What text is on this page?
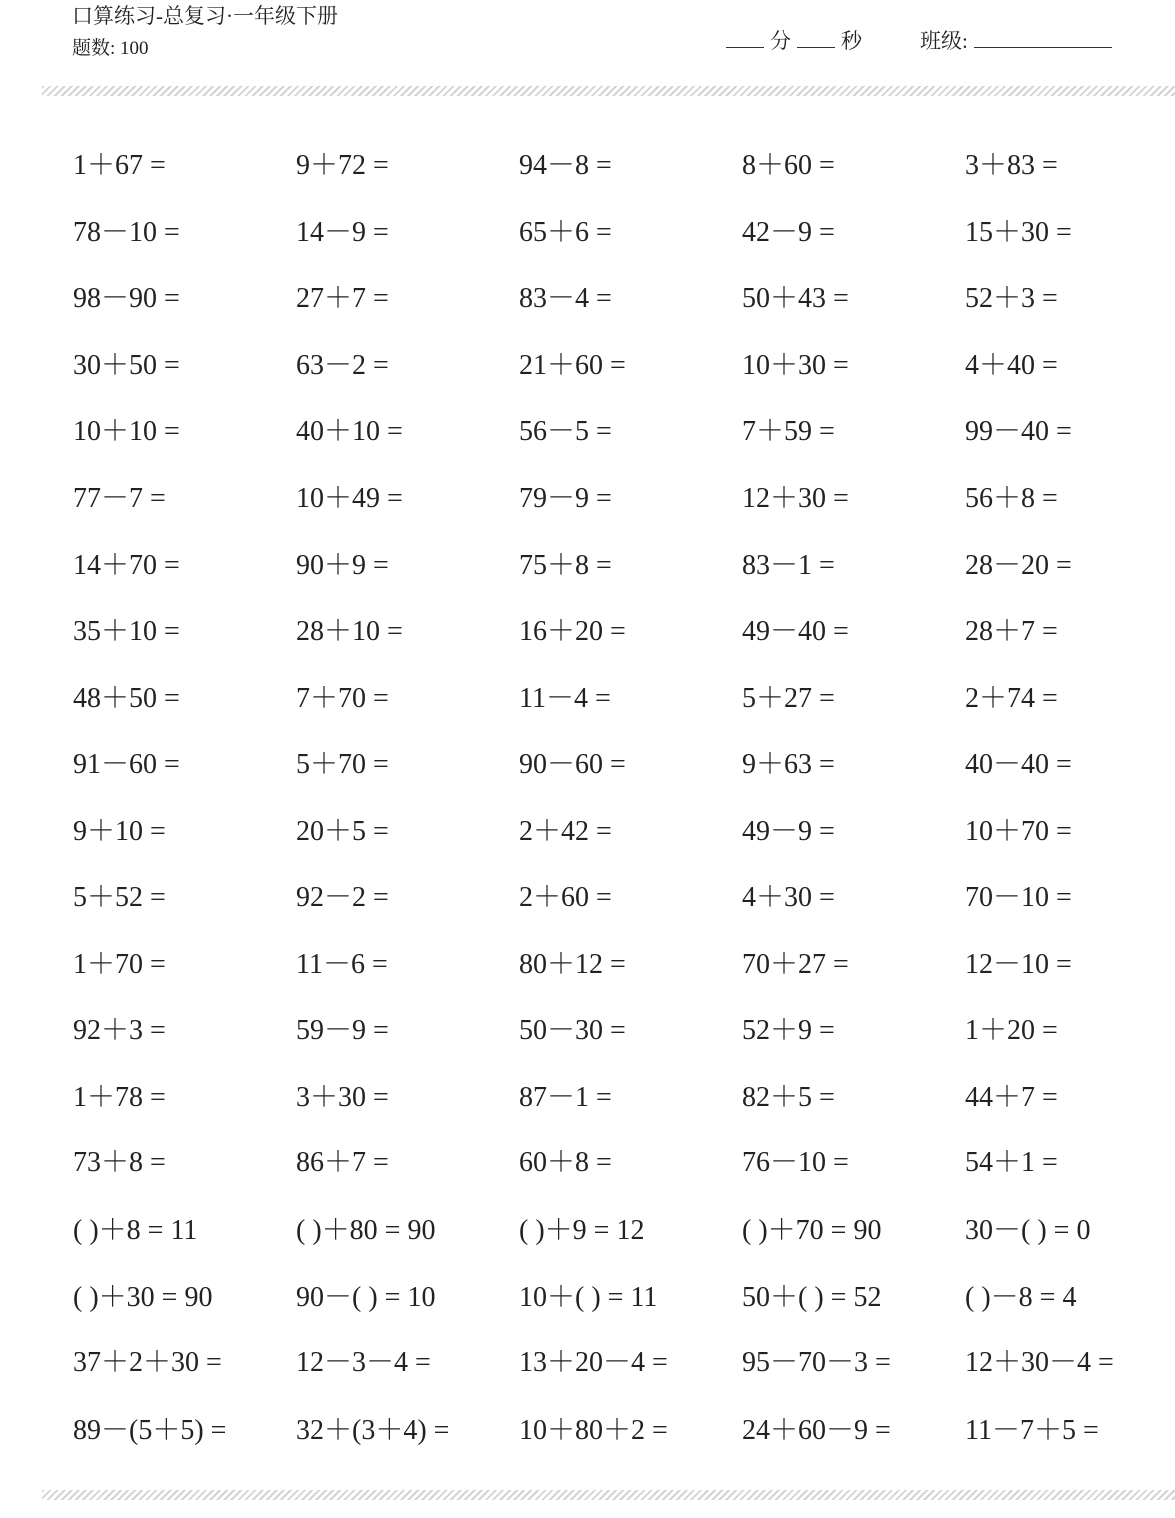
口算练习-总复习·一年级下册
题数: 100	分 秒	班级:
1＋67 =	9＋72 =	94－8 =	8＋60 =	3＋83 =
78－10 =	14－9 =	65＋6 =	42－9 =	15＋30 =
98－90 =	27＋7 =	83－4 =	50＋43 =	52＋3 =
30＋50 =	63－2 =	21＋60 =	10＋30 =	4＋40 =
10＋10 =	40＋10 =	56－5 =	7＋59 =	99－40 =
77－7 =	10＋49 =	79－9 =	12＋30 =	56＋8 =
14＋70 =	90＋9 =	75＋8 =	83－1 =	28－20 =
35＋10 =	28＋10 =	16＋20 =	49－40 =	28＋7 =
48＋50 =	7＋70 =	11－4 =	5＋27 =	2＋74 =
91－60 =	5＋70 =	90－60 =	9＋63 =	40－40 =
9＋10 =	20＋5 =	2＋42 =	49－9 =	10＋70 =
5＋52 =	92－2 =	2＋60 =	4＋30 =	70－10 =
1＋70 =	11－6 =	80＋12 =	70＋27 =	12－10 =
92＋3 =	59－9 =	50－30 =	52＋9 =	1＋20 =
1＋78 =	3＋30 =	87－1 =	82＋5 =	44＋7 =
73＋8 =	86＋7 =	60＋8 =	76－10 =	54＋1 =
( )＋8 = 11	( )＋80 = 90	( )＋9 = 12	( )＋70 = 90	30－( ) = 0
( )＋30 = 90	90－( ) = 10	10＋( ) = 11	50＋( ) = 52	( )－8 = 4
37＋2＋30 =	12－3－4 =	13＋20－4 =	95－70－3 =	12＋30－4 =
89－(5＋5) = 32＋(3＋4) = 10＋80＋2 =	24＋60－9 =	11－7＋5 =
